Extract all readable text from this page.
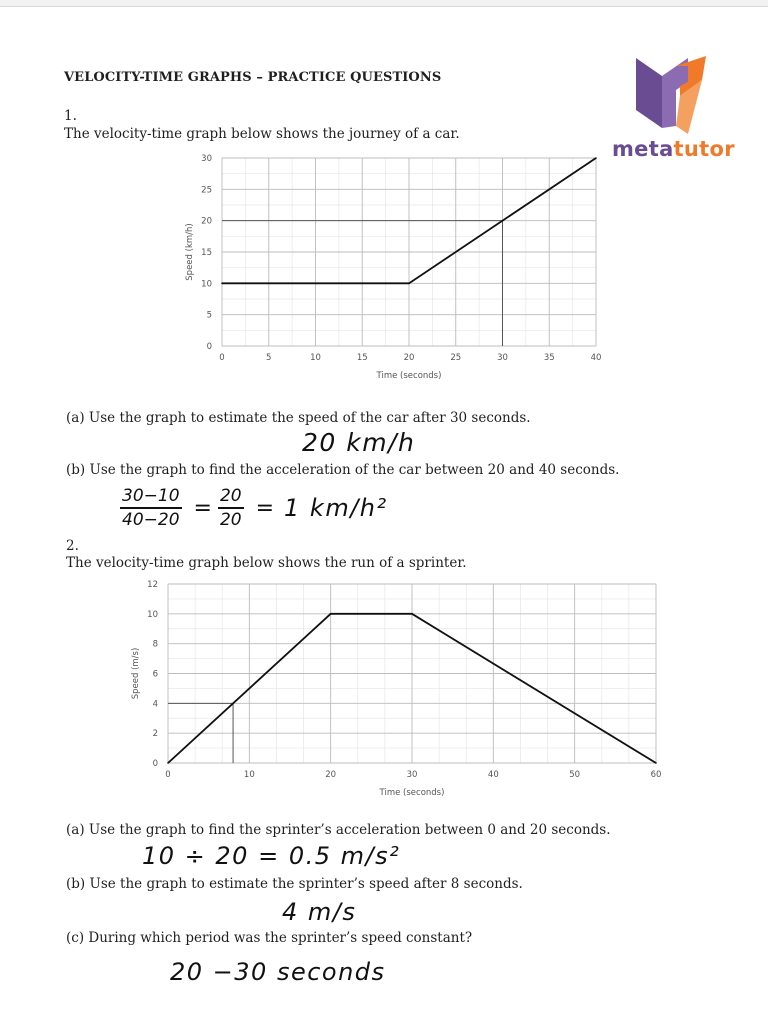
VELOCITY-TIME GRAPHS – PRACTICE QUESTIONS
metatutor
1.
The velocity-time graph below shows the journey of a car.
0	5	10	15	20	25	30	35	40
0
5
10
15
20
25
30
Time (seconds)
Speed (km/h)
(a) Use the graph to estimate the speed of the car after 30 seconds.
20 km/h
(b) Use the graph to find the acceleration of the car between 20 and 40 seconds.
$\frac{30-10}{40-20} = \frac{20}{20} = 1$ km/h²
2.
The velocity-time graph below shows the run of a sprinter.
0	10	20	30	40	50	60
0
2
4
6
8
10
12
Time (seconds)
Speed (m/s)
(a) Use the graph to find the sprinter’s acceleration between 0 and 20 seconds.
10 ÷ 20 = 0.5 m/s²
(b) Use the graph to estimate the sprinter’s speed after 8 seconds.
4 m/s
(c) During which period was the sprinter’s speed constant?
20 −30 seconds
